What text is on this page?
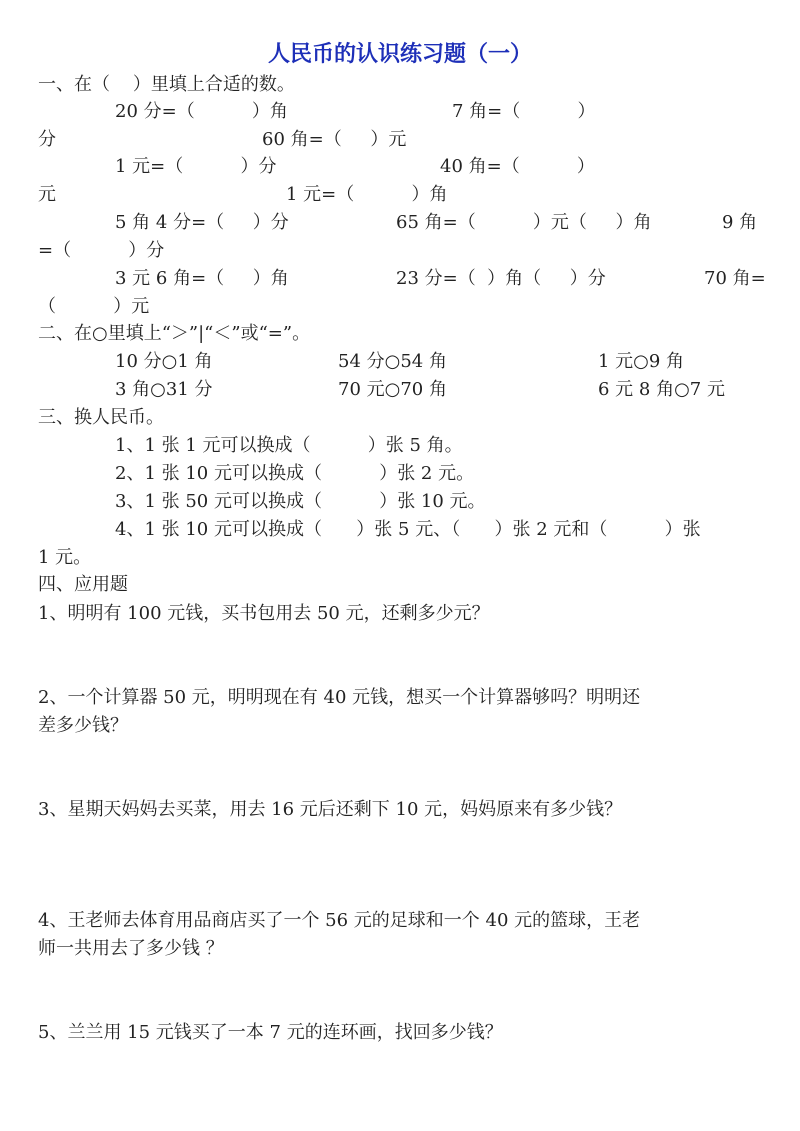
人民币的认识练习题（一）
一、在（    ）里填上合适的数。
20 分=（          ）角	7 角=（          ）
分	60 角=（     ）元
1 元=（          ）分	40 角=（          ）
元	1 元=（          ）角
5 角 4 分=（     ）分	65 角=（          ）元（     ）角	9 角
=（          ）分
3 元 6 角=（     ）角	23 分=（  ）角（     ）分	70 角=
（          ）元
二、在○里填上“＞”|“＜”或“=”。
10 分○1 角	54 分○54 角	1 元○9 角
3 角○31 分	70 元○70 角	6 元 8 角○7 元
三、换人民币。
1、1 张 1 元可以换成（          ）张 5 角。
2、1 张 10 元可以换成（          ）张 2 元。
3、1 张 50 元可以换成（          ）张 10 元。
4、1 张 10 元可以换成（      ）张 5 元、（      ）张 2 元和（          ）张
1 元。
四、应用题
1、明明有 100 元钱，买书包用去 50 元，还剩多少元？
2、一个计算器 50 元，明明现在有 40 元钱，想买一个计算器够吗？明明还
差多少钱？
3、星期天妈妈去买菜，用去 16 元后还剩下 10 元，妈妈原来有多少钱？
4、王老师去体育用品商店买了一个 56 元的足球和一个 40 元的篮球，王老
师一共用去了多少钱 ？
5、兰兰用 15 元钱买了一本 7 元的连环画，找回多少钱？
